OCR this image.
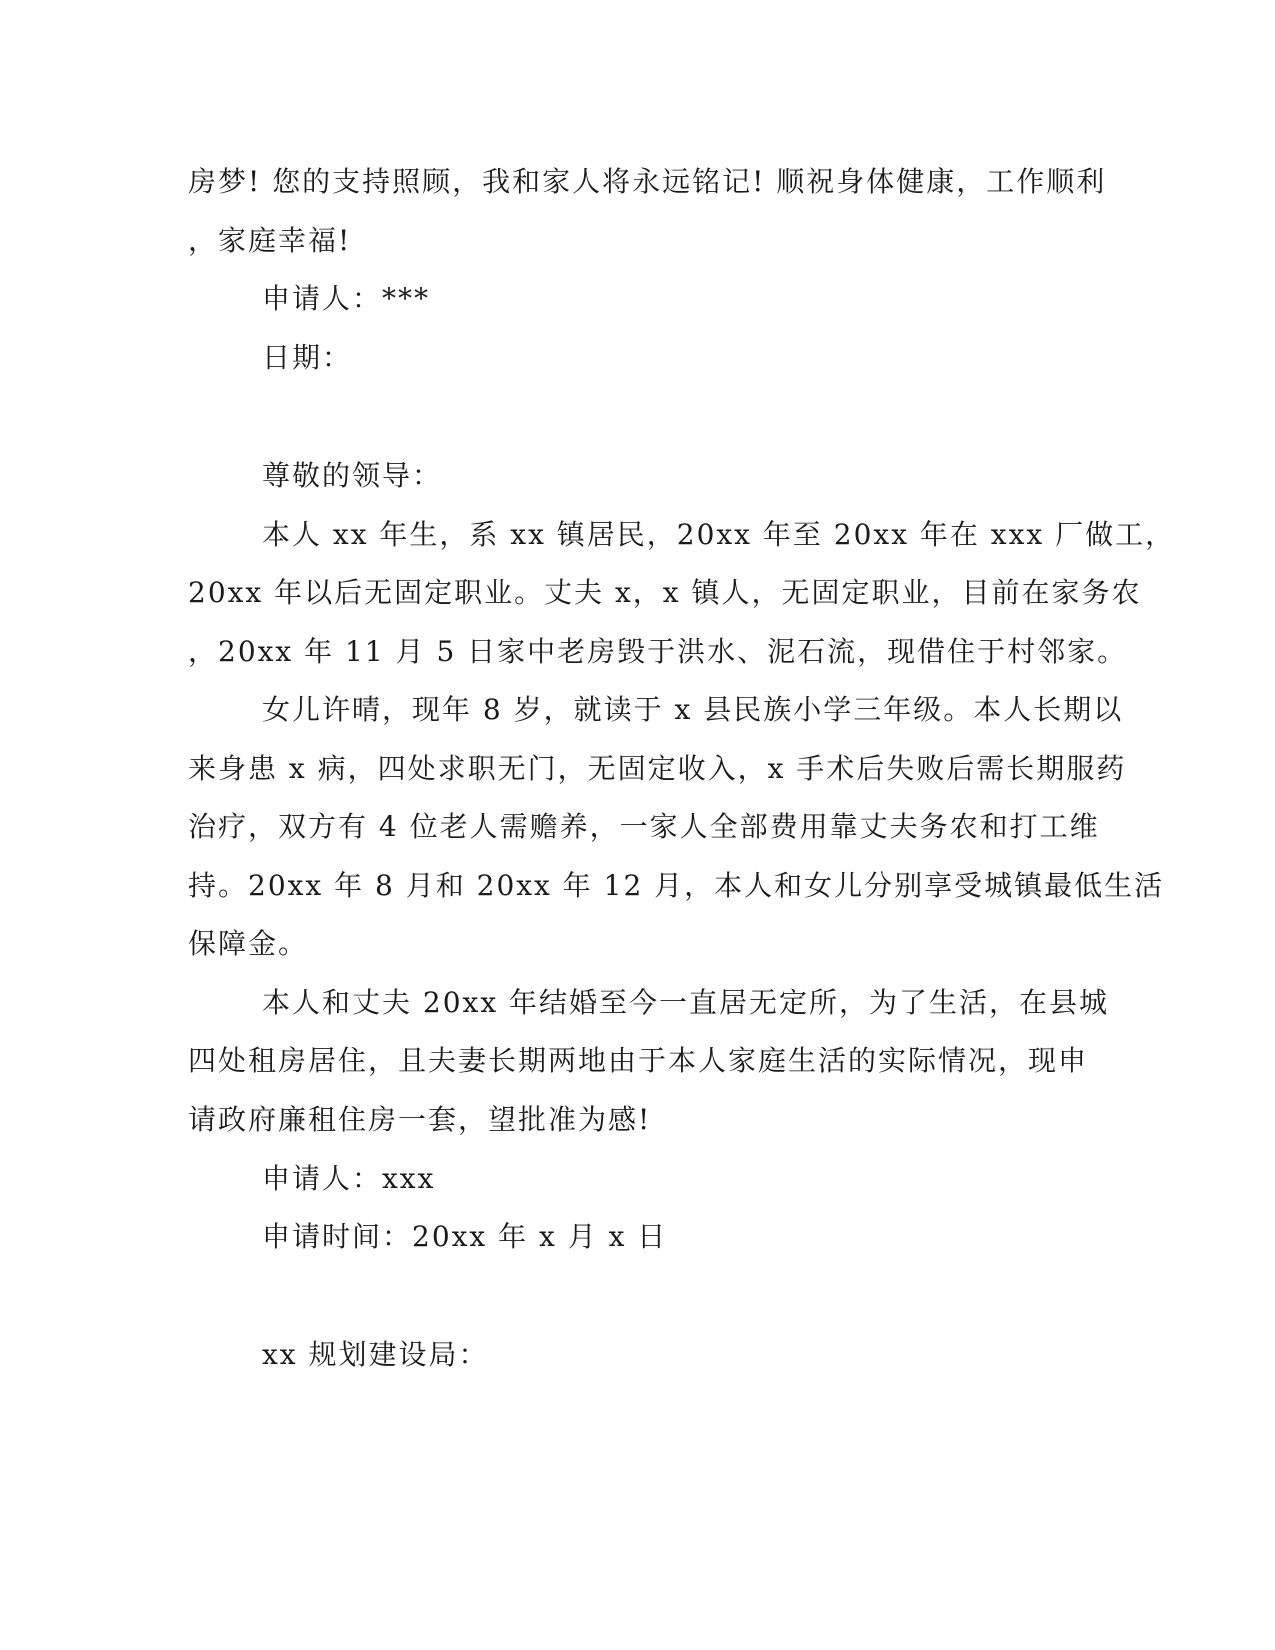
房梦! 您的支持照顾，我和家人将永远铭记! 顺祝身体健康，工作顺利
，家庭幸福!
申请人：***
日期：
尊敬的领导：
本人 xx 年生，系 xx 镇居民，20xx 年至 20xx 年在 xxx 厂做工，
20xx 年以后无固定职业。丈夫 x，x 镇人，无固定职业，目前在家务农
，20xx 年 11 月 5 日家中老房毁于洪水、泥石流，现借住于村邻家。
女儿许晴，现年 8 岁，就读于 x 县民族小学三年级。本人长期以
来身患 x 病，四处求职无门，无固定收入，x 手术后失败后需长期服药
治疗，双方有 4 位老人需赡养，一家人全部费用靠丈夫务农和打工维
持。20xx 年 8 月和 20xx 年 12 月，本人和女儿分别享受城镇最低生活
保障金。
本人和丈夫 20xx 年结婚至今一直居无定所，为了生活，在县城
四处租房居住，且夫妻长期两地由于本人家庭生活的实际情况，现申
请政府廉租住房一套，望批准为感!
申请人：xxx
申请时间：20xx 年 x 月 x 日
xx 规划建设局：
